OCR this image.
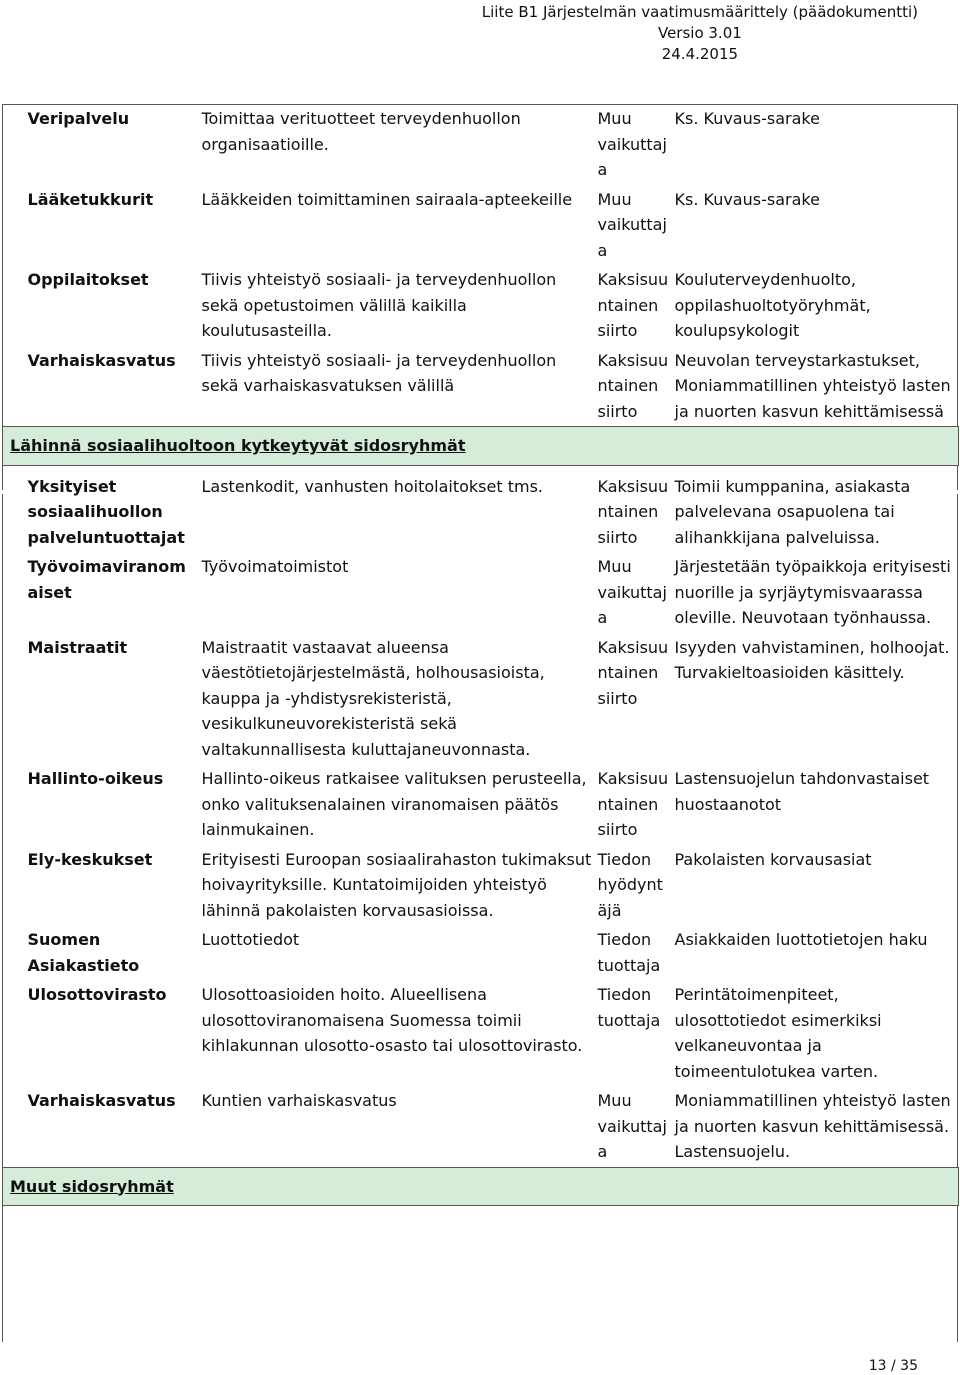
Liite B1 Järjestelmän vaatimusmäärittely (päädokumentti)
Versio 3.01
24.4.2015
Veripalvelu	Toimittaa verituotteet terveydenhuollon organisaatioille.	Muu vaikuttaja	Ks. Kuvaus-sarake
Lääketukkurit	Lääkkeiden toimittaminen sairaala-apteekeille	Muu vaikuttaja	Ks. Kuvaus-sarake
Oppilaitokset	Tiivis yhteistyö sosiaali- ja terveydenhuollon sekä opetustoimen välillä kaikilla koulutusasteilla.	Kaksisuuntainen siirto	Kouluterveydenhuolto, oppilashuoltotyöryhmät, koulupsykologit
Varhaiskasvatus	Tiivis yhteistyö sosiaali- ja terveydenhuollon sekä varhaiskasvatuksen välillä	Kaksisuuntainen siirto	Neuvolan terveystarkastukset, Moniammatillinen yhteistyö lasten ja nuorten kasvun kehittämisessä
Lähinnä sosiaalihuoltoon kytkeytyvät sidosryhmät			

Yksityiset sosiaalihuollon palveluntuottajat	Lastenkodit, vanhusten hoitolaitokset tms.	Kaksisuuntainen siirto	Toimii kumppanina, asiakasta palvelevana osapuolena tai alihankkijana palveluissa.
Työvoimaviranomaiset	Työvoimatoimistot	Muu vaikuttaja	Järjestetään työpaikkoja erityisesti nuorille ja syrjäytymisvaarassa oleville. Neuvotaan työnhaussa.
Maistraatit	Maistraatit vastaavat alueensa väestötietojärjestelmästä, holhousasioista, kauppa ja -yhdistysrekisteristä, vesikulkuneuvorekisteristä sekä valtakunnallisesta kuluttajaneuvonnasta.	Kaksisuuntainen siirto	Isyyden vahvistaminen, holhoojat. Turvakieltoasioiden käsittely.
Hallinto-oikeus	Hallinto-oikeus ratkaisee valituksen perusteella, onko valituksenalainen viranomaisen päätös lainmukainen.	Kaksisuuntainen siirto	Lastensuojelun tahdonvastaiset huostaanotot
Ely-keskukset	Erityisesti Euroopan sosiaalirahaston tukimaksut hoivayrityksille. Kuntatoimijoiden yhteistyö lähinnä pakolaisten korvausasioissa.	Tiedon hyödyntäjä	Pakolaisten korvausasiat
Suomen Asiakastieto	Luottotiedot	Tiedon tuottaja	Asiakkaiden luottotietojen haku
Ulosottovirasto	Ulosottoasioiden hoito. Alueellisena ulosottoviranomaisena Suomessa toimii kihlakunnan ulosotto-osasto tai ulosottovirasto.	Tiedon tuottaja	Perintätoimenpiteet, ulosottotiedot esimerkiksi velkaneuvontaa ja toimeentulotukea varten.
Varhaiskasvatus	Kuntien varhaiskasvatus	Muu vaikuttaja	Moniammatillinen yhteistyö lasten ja nuorten kasvun kehittämisessä. Lastensuojelu.
Muut sidosryhmät			
13 / 35
